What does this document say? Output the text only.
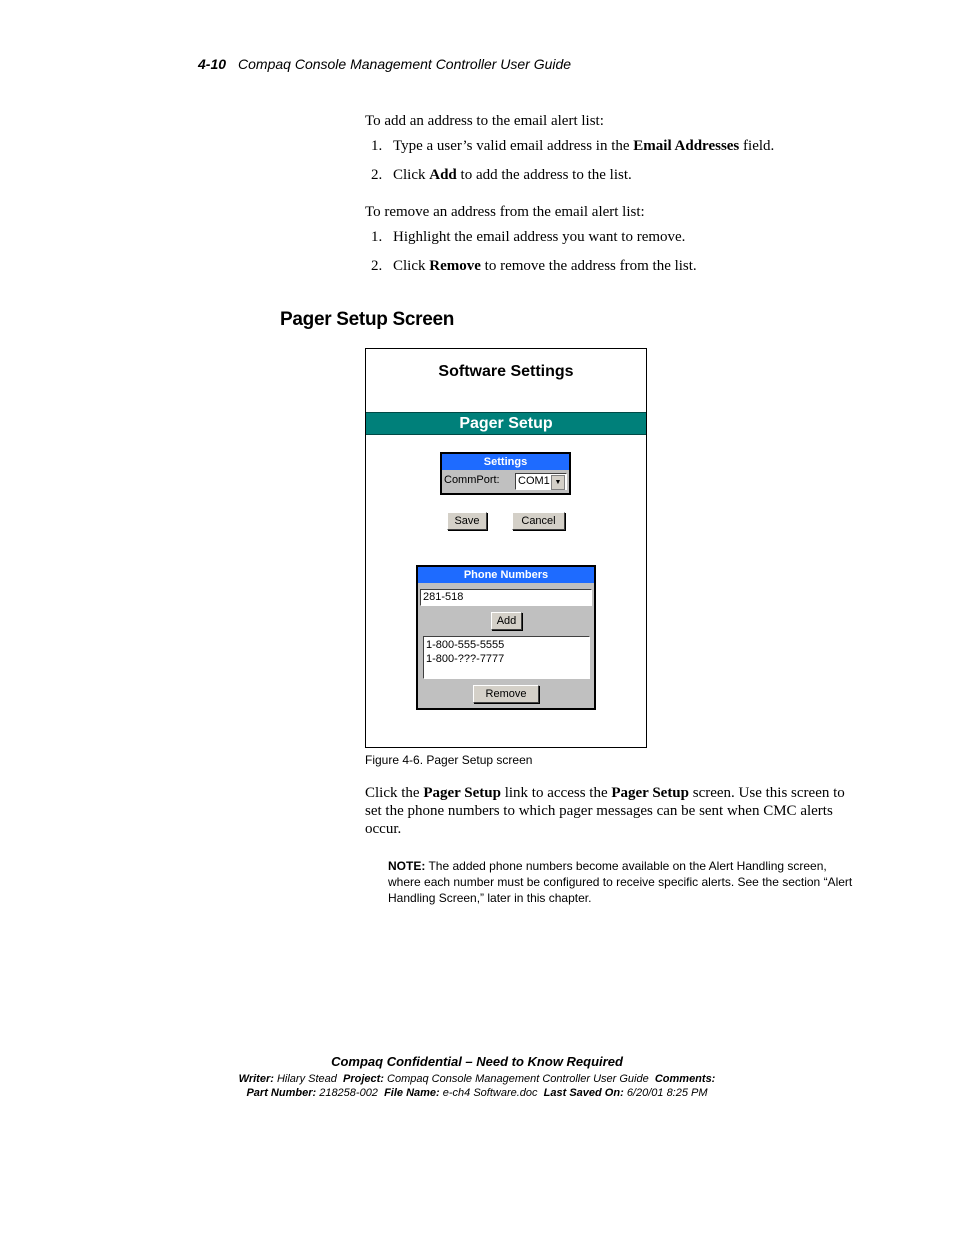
4-10 Compaq Console Management Controller User Guide
To add an address to the email alert list:
1. Type a user’s valid email address in the Email Addresses field.
2. Click Add to add the address to the list.
To remove an address from the email alert list:
1. Highlight the email address you want to remove.
2. Click Remove to remove the address from the list.
Pager Setup Screen
Software Settings
Pager Setup
Settings
CommPort: COM1 ▼
Save	Cancel
Phone Numbers
281-518
Add
1-800-555-5555
1-800-???-7777
Remove
Figure 4-6. Pager Setup screen
Click the Pager Setup link to access the Pager Setup screen. Use this screen to set the phone numbers to which pager messages can be sent when CMC alerts occur.
NOTE: The added phone numbers become available on the Alert Handling screen, where each number must be configured to receive specific alerts. See the section “Alert Handling Screen,” later in this chapter.
Compaq Confidential – Need to Know Required
Writer: Hilary Stead Project: Compaq Console Management Controller User Guide Comments:
Part Number: 218258-002 File Name: e-ch4 Software.doc Last Saved On: 6/20/01 8:25 PM
